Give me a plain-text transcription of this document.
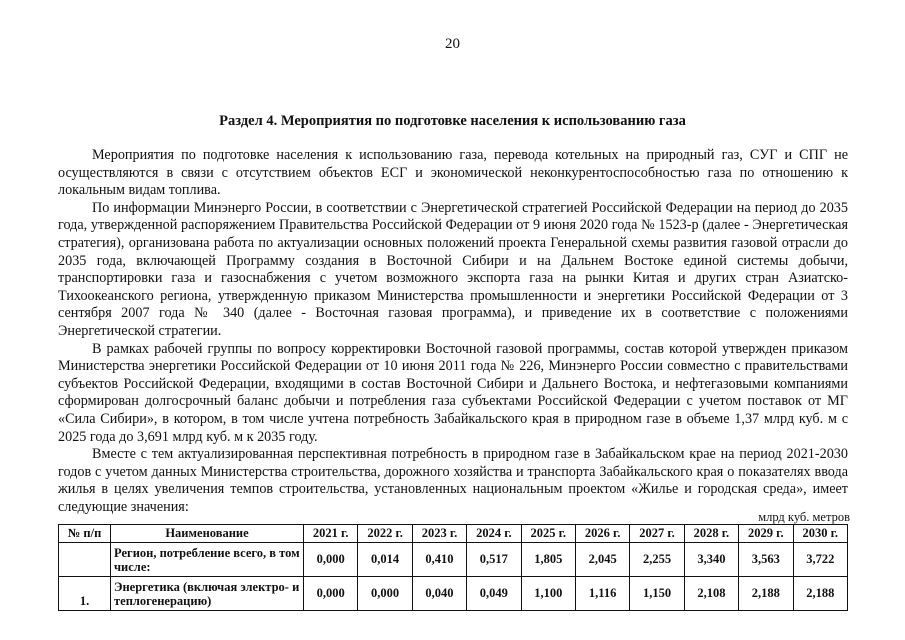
20
Раздел 4. Мероприятия по подготовке населения к использованию газа

Мероприятия по подготовке населения к использованию газа, перевода котельных на природный газ, СУГ и СПГ не осуществляются в связи с отсутствием объектов ЕСГ и экономической неконкурентоспособностью газа по отношению к локальным видам топлива.

По информации Минэнерго России, в соответствии с Энергетической стратегией Российской Федерации на период до 2035 года, утвержденной распоряжением Правительства Российской Федерации от 9 июня 2020 года № 1523-р (далее - Энергетическая стратегия), организована работа по актуализации основных положений проекта Генеральной схемы развития газовой отрасли до 2035 года, включающей Программу создания в Восточной Сибири и на Дальнем Востоке единой системы добычи, транспортировки газа и газоснабжения с учетом возможного экспорта газа на рынки Китая и других стран Азиатско-Тихоокеанского региона, утвержденную приказом Министерства промышленности и энергетики Российской Федерации от 3 сентября 2007 года № 340 (далее - Восточная газовая программа), и приведение их в соответствие с положениями Энергетической стратегии.

В рамках рабочей группы по вопросу корректировки Восточной газовой программы, состав которой утвержден приказом Министерства энергетики Российской Федерации от 10 июня 2011 года № 226, Минэнерго России совместно с правительствами субъектов Российской Федерации, входящими в состав Восточной Сибири и Дальнего Востока, и нефтегазовыми компаниями сформирован долгосрочный баланс добычи и потребления газа субъектами Российской Федерации с учетом поставок от МГ «Сила Сибири», в котором, в том числе учтена потребность Забайкальского края в природном газе в объеме 1,37 млрд куб. м с 2025 года до 3,691 млрд куб. м к 2035 году.

Вместе с тем актуализированная перспективная потребность в природном газе в Забайкальском крае на период 2021-2030 годов с учетом данных Министерства строительства, дорожного хозяйства и транспорта Забайкальского края о показателях ввода жилья в целях увеличения темпов строительства, установленных национальным проектом «Жилье и городская среда», имеет следующие значения:

млрд куб. метров
№ п/п	Наименование	2021 г.	2022 г.	2023 г.	2024 г.	2025 г.	2026 г.	2027 г.	2028 г.	2029 г.	2030 г.
	Регион, потребление всего, в том числе:	0,000	0,014	0,410	0,517	1,805	2,045	2,255	3,340	3,563	3,722
1.	Энергетика (включая электро- и теплогенерацию)	0,000	0,000	0,040	0,049	1,100	1,116	1,150	2,108	2,188	2,188
